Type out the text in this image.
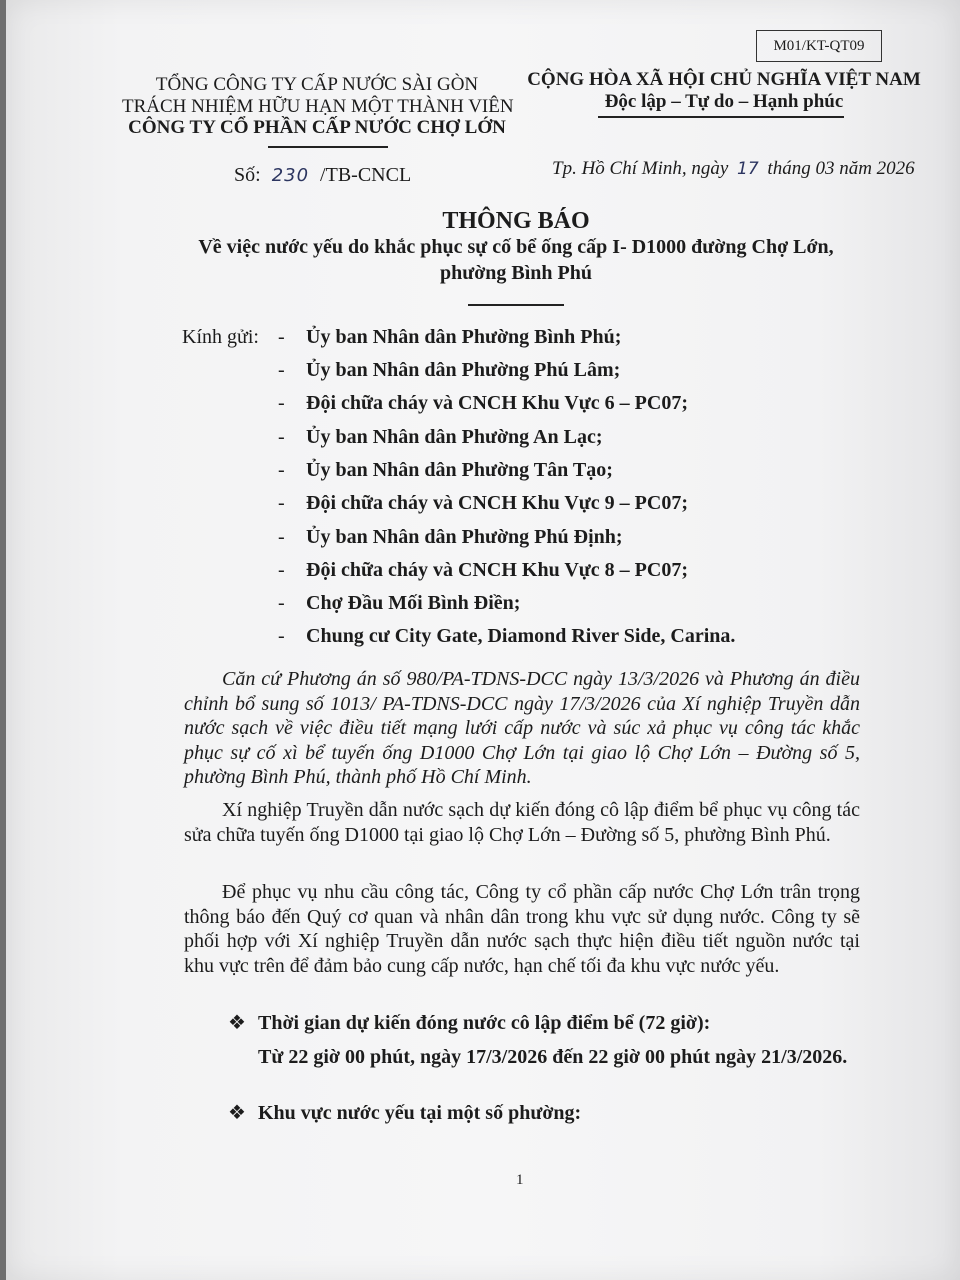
M01/KT-QT09
TỔNG CÔNG TY CẤP NƯỚC SÀI GÒN
TRÁCH NHIỆM HỮU HẠN MỘT THÀNH VIÊN
CÔNG TY CỔ PHẦN CẤP NƯỚC CHỢ LỚN
CỘNG HÒA XÃ HỘI CHỦ NGHĨA VIỆT NAM
Độc lập – Tự do – Hạnh phúc
Số: 230 /TB-CNCL	Tp. Hồ Chí Minh, ngày 17 tháng 03 năm 2026
THÔNG BÁO
Về việc nước yếu do khắc phục sự cố bể ống cấp I- D1000 đường Chợ Lớn,
phường Bình Phú
Kính gửi: - Ủy ban Nhân dân Phường Bình Phú;
- Ủy ban Nhân dân Phường Phú Lâm;
- Đội chữa cháy và CNCH Khu Vực 6 – PC07;
- Ủy ban Nhân dân Phường An Lạc;
- Ủy ban Nhân dân Phường Tân Tạo;
- Đội chữa cháy và CNCH Khu Vực 9 – PC07;
- Ủy ban Nhân dân Phường Phú Định;
- Đội chữa cháy và CNCH Khu Vực 8 – PC07;
- Chợ Đầu Mối Bình Điền;
- Chung cư City Gate, Diamond River Side, Carina.
Căn cứ Phương án số 980/PA-TDNS-DCC ngày 13/3/2026 và Phương án điều chỉnh bổ sung số 1013/ PA-TDNS-DCC ngày 17/3/2026 của Xí nghiệp Truyền dẫn nước sạch về việc điều tiết mạng lưới cấp nước và súc xả phục vụ công tác khắc phục sự cố xì bể tuyến ống D1000 Chợ Lớn tại giao lộ Chợ Lớn – Đường số 5, phường Bình Phú, thành phố Hồ Chí Minh.
Xí nghiệp Truyền dẫn nước sạch dự kiến đóng cô lập điểm bể phục vụ công tác sửa chữa tuyến ống D1000 tại giao lộ Chợ Lớn – Đường số 5, phường Bình Phú.
Để phục vụ nhu cầu công tác, Công ty cổ phần cấp nước Chợ Lớn trân trọng thông báo đến Quý cơ quan và nhân dân trong khu vực sử dụng nước. Công ty sẽ phối hợp với Xí nghiệp Truyền dẫn nước sạch thực hiện điều tiết nguồn nước tại khu vực trên để đảm bảo cung cấp nước, hạn chế tối đa khu vực nước yếu.
❖ Thời gian dự kiến đóng nước cô lập điểm bể (72 giờ):
Từ 22 giờ 00 phút, ngày 17/3/2026 đến 22 giờ 00 phút ngày 21/3/2026.
❖ Khu vực nước yếu tại một số phường:
1
